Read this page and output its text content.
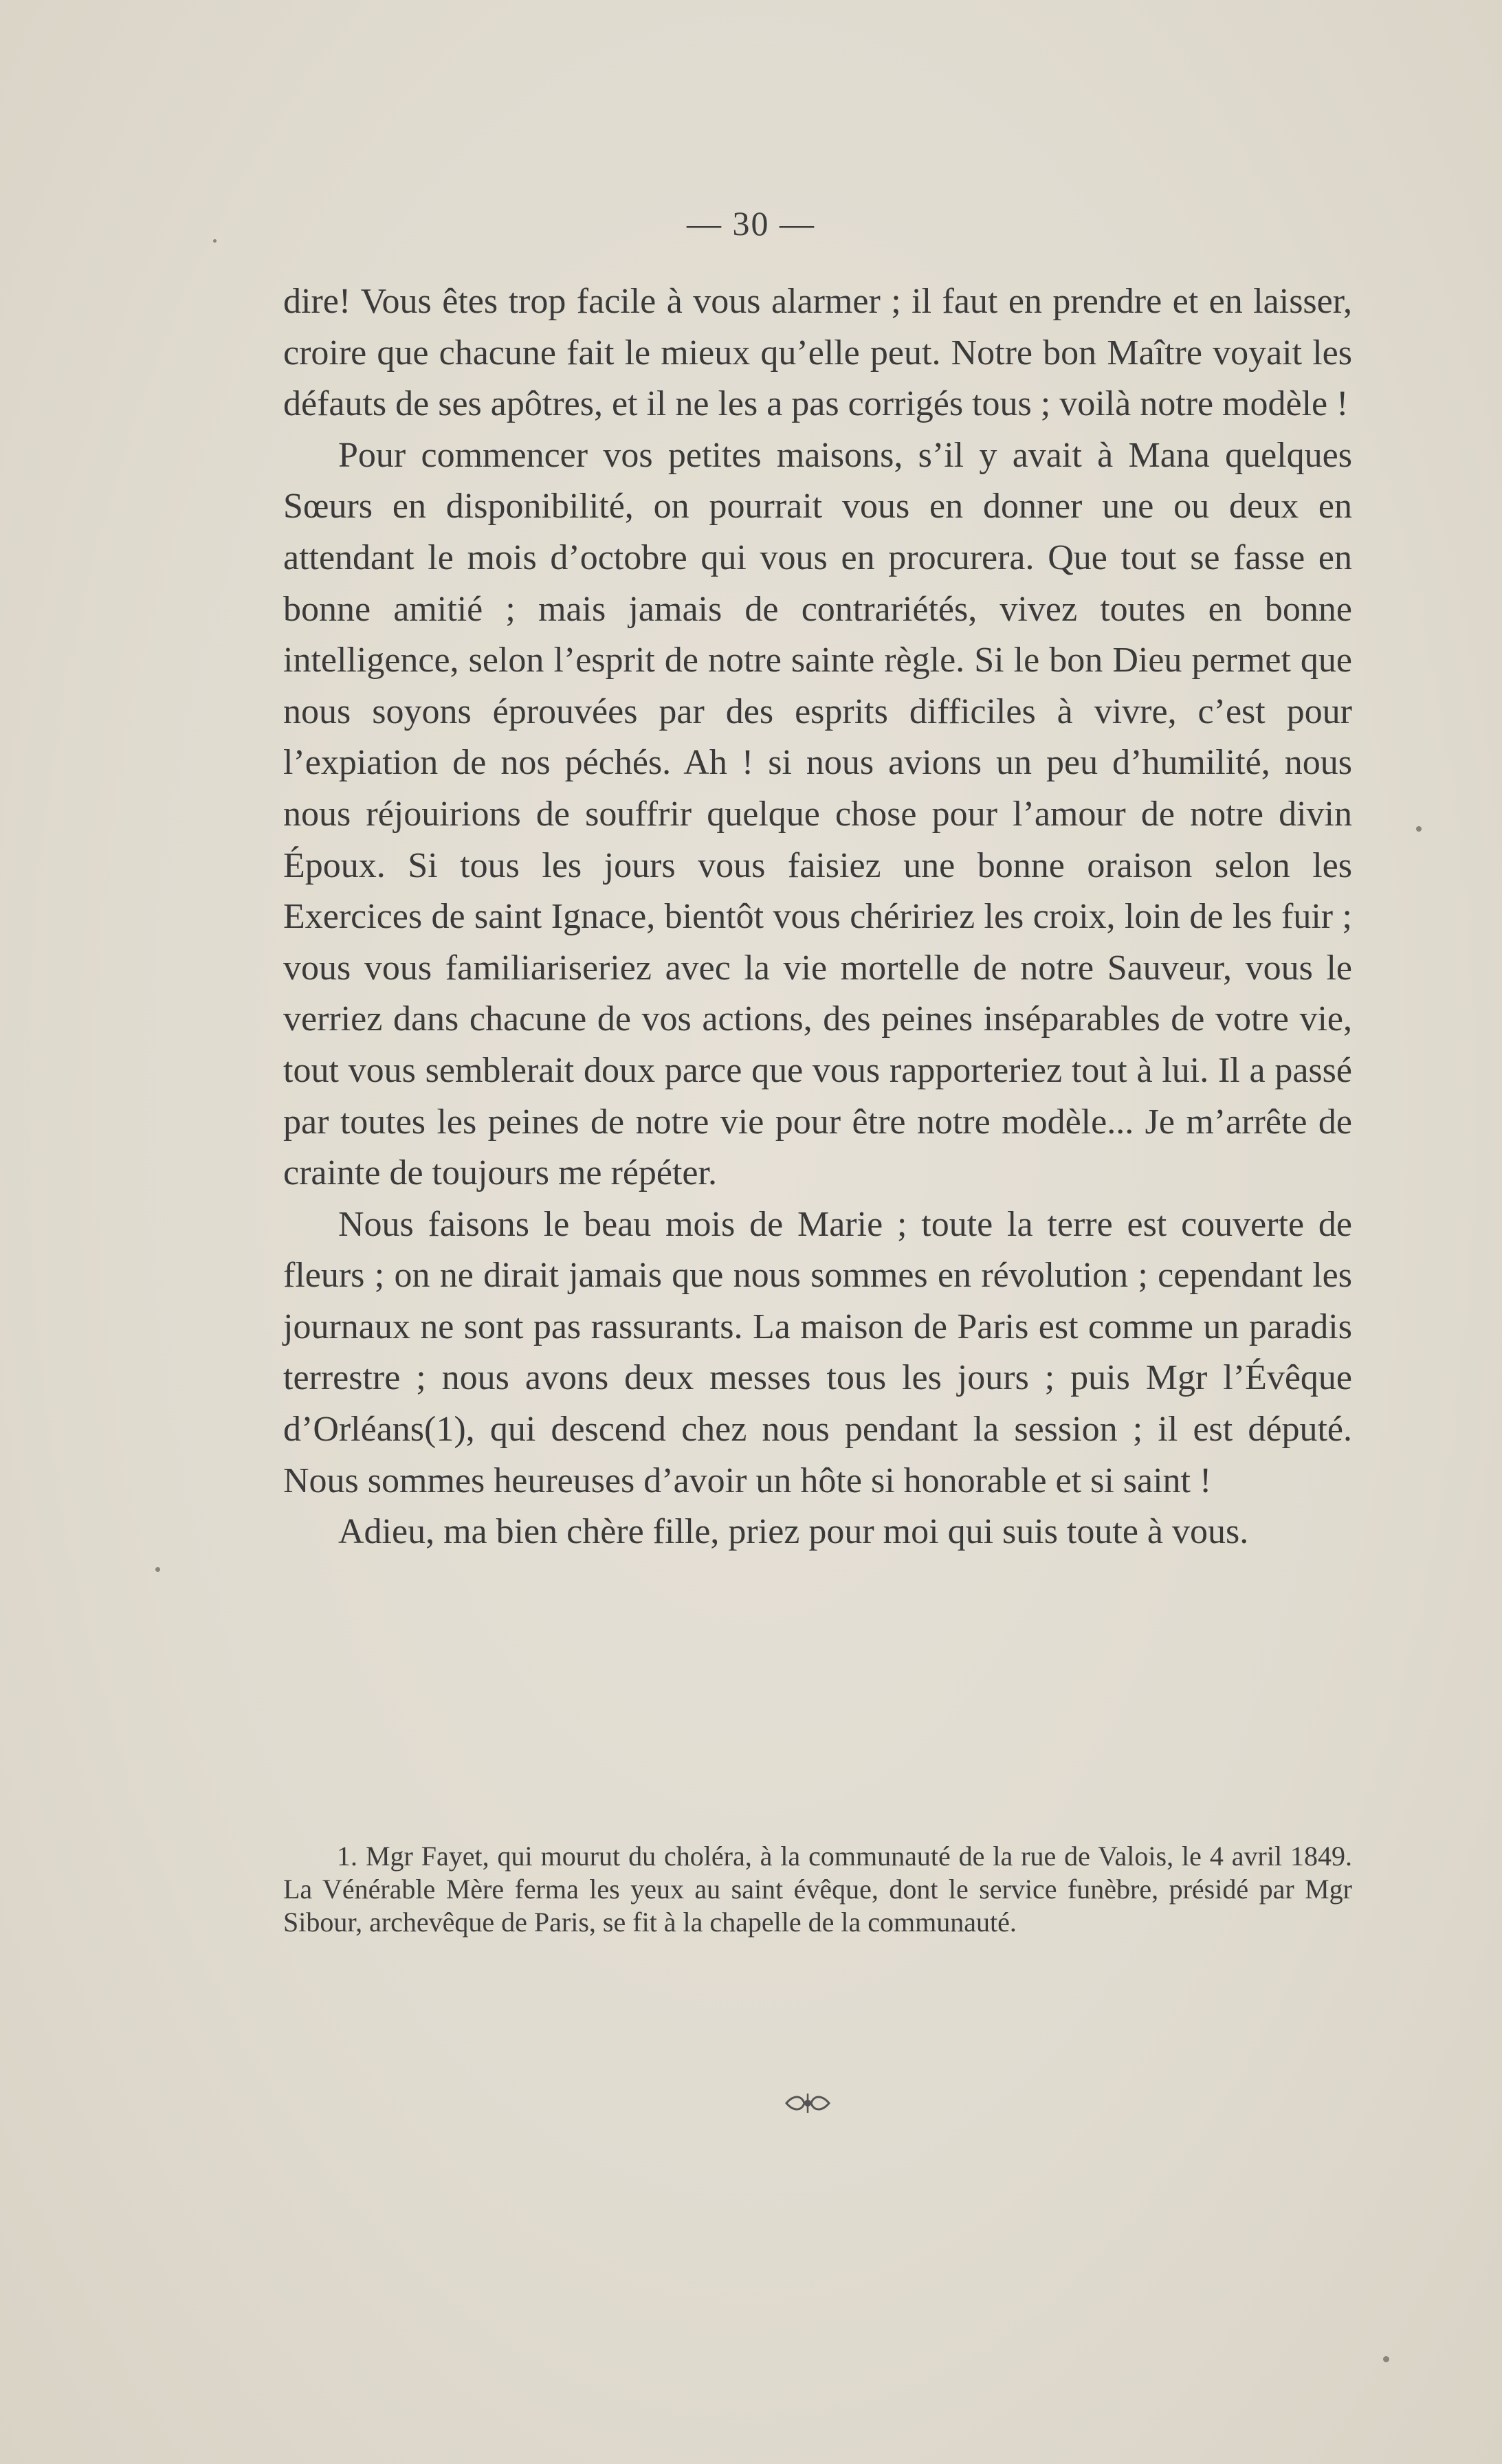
— 30 —

dire! Vous êtes trop facile à vous alarmer ; il faut en prendre et en laisser, croire que chacune fait le mieux qu’elle peut. Notre bon Maître voyait les défauts de ses apôtres, et il ne les a pas corrigés tous ; voilà notre modèle !

Pour commencer vos petites maisons, s’il y avait à Mana quelques Sœurs en disponibilité, on pourrait vous en donner une ou deux en attendant le mois d’octobre qui vous en procurera. Que tout se fasse en bonne amitié ; mais jamais de contrariétés, vivez toutes en bonne intelligence, selon l’esprit de notre sainte règle. Si le bon Dieu permet que nous soyons éprouvées par des esprits difficiles à vivre, c’est pour l’expiation de nos péchés. Ah ! si nous avions un peu d’humilité, nous nous réjouirions de souffrir quelque chose pour l’amour de notre divin Époux. Si tous les jours vous faisiez une bonne oraison selon les Exercices de saint Ignace, bientôt vous chéririez les croix, loin de les fuir ; vous vous familiariseriez avec la vie mortelle de notre Sauveur, vous le verriez dans chacune de vos actions, des peines inséparables de votre vie, tout vous semblerait doux parce que vous rapporteriez tout à lui. Il a passé par toutes les peines de notre vie pour être notre modèle... Je m’arrête de crainte de toujours me répéter.

Nous faisons le beau mois de Marie ; toute la terre est couverte de fleurs ; on ne dirait jamais que nous sommes en révolution ; cependant les journaux ne sont pas rassurants. La maison de Paris est comme un paradis terrestre ; nous avons deux messes tous les jours ; puis Mgr l’Évêque d’Orléans(1), qui descend chez nous pendant la session ; il est député. Nous sommes heureuses d’avoir un hôte si honorable et si saint !

Adieu, ma bien chère fille, priez pour moi qui suis toute à vous.

1. Mgr Fayet, qui mourut du choléra, à la communauté de la rue de Valois, le 4 avril 1849. La Vénérable Mère ferma les yeux au saint évêque, dont le service funèbre, présidé par Mgr Sibour, archevêque de Paris, se fit à la chapelle de la communauté.
